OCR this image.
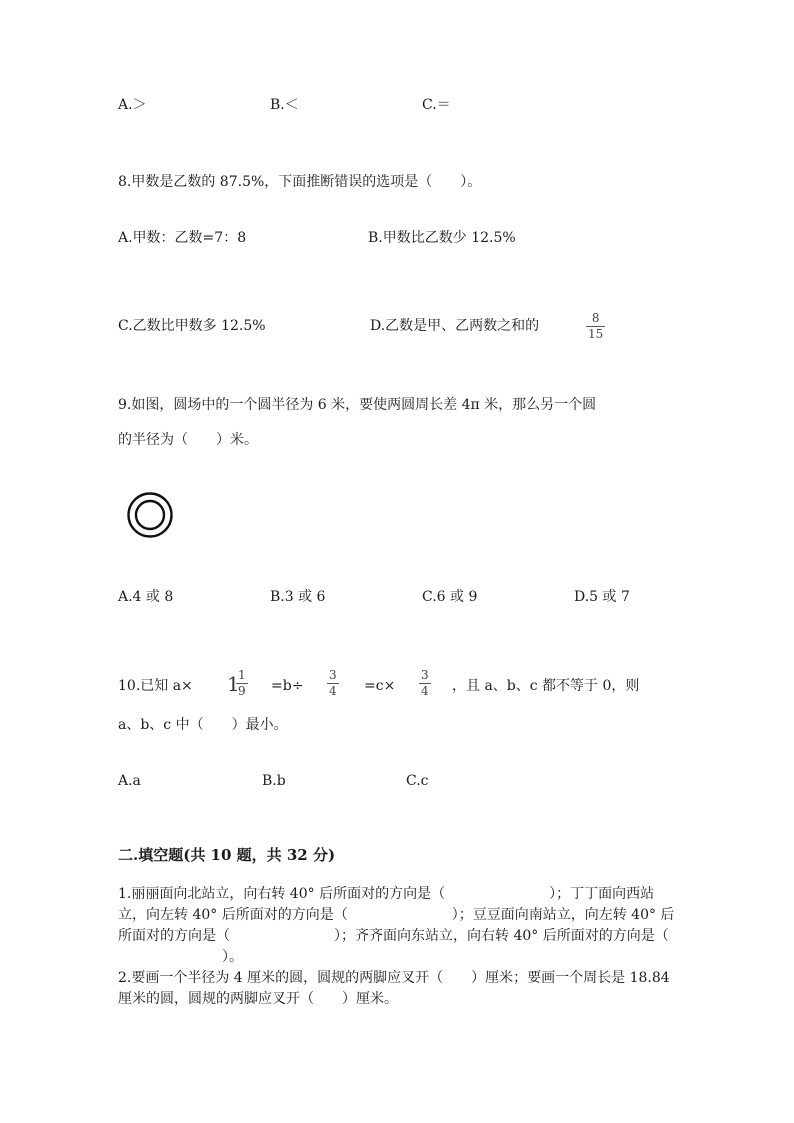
A.＞	B.＜	C.＝
8.甲数是乙数的 87.5%，下面推断错误的选项是（　　）。
A.甲数：乙数=7：8	B.甲数比乙数少 12.5%
C.乙数比甲数多 12.5%	D.乙数是甲、乙两数之和的	$\frac{8}{15}$
9.如图，圆场中的一个圆半径为 6 米，要使两圆周长差 4π 米，那么另一个圆
的半径为（　　）米。
A.4 或 8	B.3 或 6	C.6 或 9	D.5 或 7
10.已知 a× 1
$\frac{1}{9} =b\div \frac{3}{4} =c\times \frac{3}{4}$ ，且 a、b、c 都不等于 0，则
a、b、c 中（　　）最小。
A.a	B.b	C.c
二.填空题(共 10 题，共 32 分)
1.丽丽面向北站立，向右转 40° 后所面对的方向是（	）；丁丁面向西站立，向左转 40° 后所面对的方向是（	）；豆豆面向南站立，向左转 40° 后所面对的方向是（	）；齐齐面向东站立，向右转 40° 后所面对的方向是（）。
2.要画一个半径为 4 厘米的圆，圆规的两脚应叉开（　　）厘米；要画一个周长是 18.84 厘米的圆，圆规的两脚应叉开（　　）厘米。
